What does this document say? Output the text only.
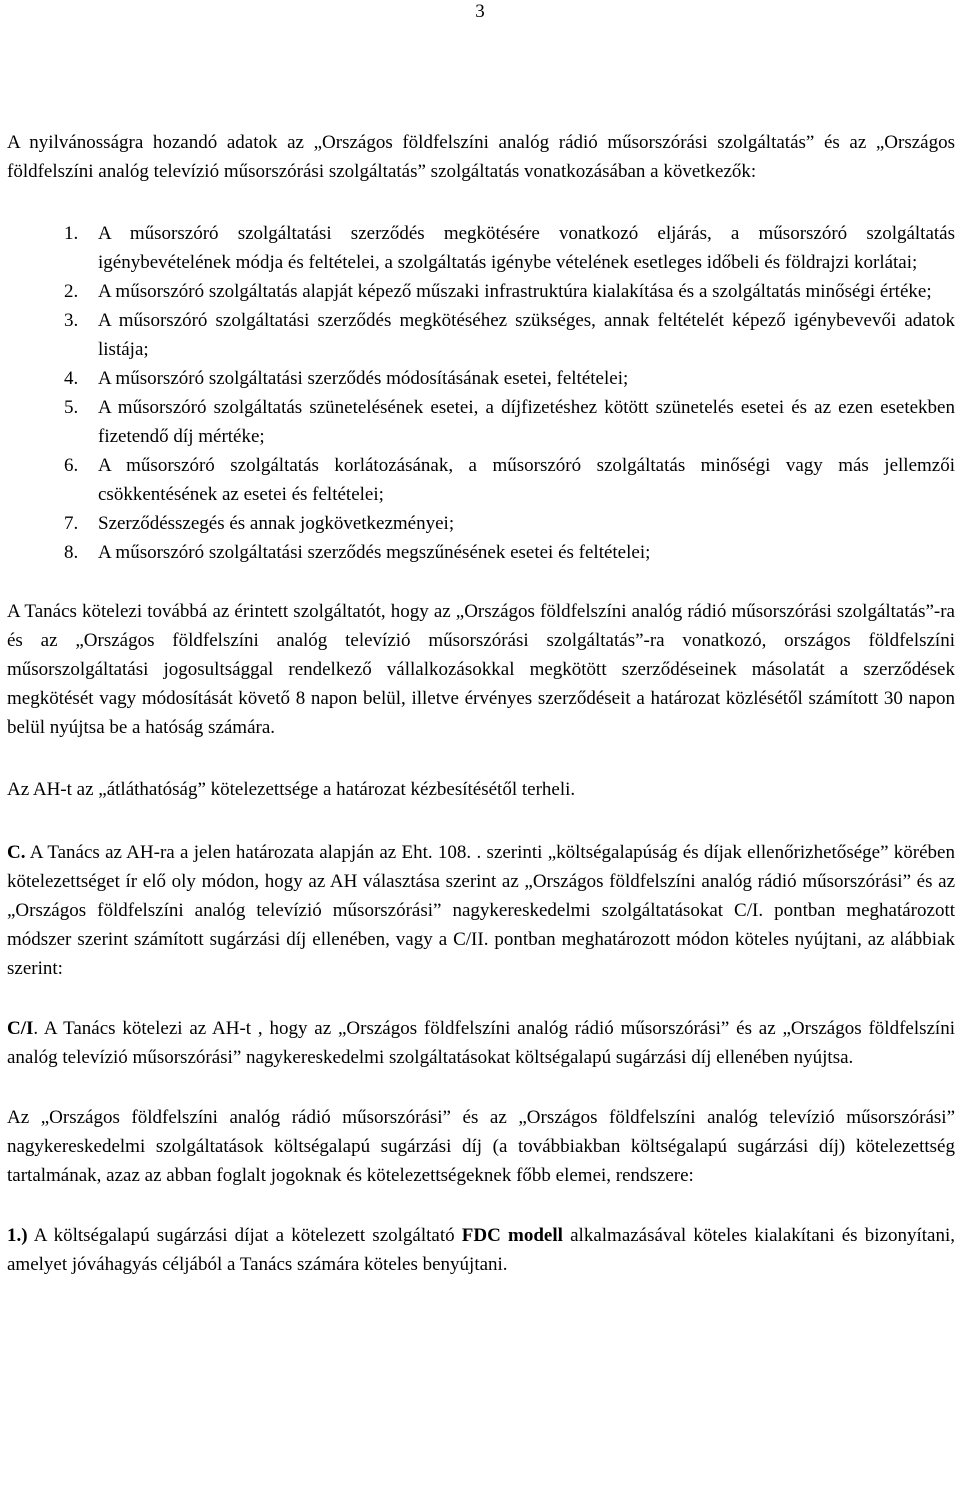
3

A nyilvánosságra hozandó adatok az „Országos földfelszíni analóg rádió műsorszórási szolgáltatás” és az „Országos földfelszíni analóg televízió műsorszórási szolgáltatás” szolgáltatás vonatkozásában a következők:

1. A műsorszóró szolgáltatási szerződés megkötésére vonatkozó eljárás, a műsorszóró szolgáltatás igénybevételének módja és feltételei, a szolgáltatás igénybe vételének esetleges időbeli és földrajzi korlátai;
2. A műsorszóró szolgáltatás alapját képező műszaki infrastruktúra kialakítása és a szolgáltatás minőségi értéke;
3. A műsorszóró szolgáltatási szerződés megkötéséhez szükséges, annak feltételét képező igénybevevői adatok listája;
4. A műsorszóró szolgáltatási szerződés módosításának esetei, feltételei;
5. A műsorszóró szolgáltatás szünetelésének esetei, a díjfizetéshez kötött szünetelés esetei és az ezen esetekben fizetendő díj mértéke;
6. A műsorszóró szolgáltatás korlátozásának, a műsorszóró szolgáltatás minőségi vagy más jellemzői csökkentésének az esetei és feltételei;
7. Szerződésszegés és annak jogkövetkezményei;
8. A műsorszóró szolgáltatási szerződés megszűnésének esetei és feltételei;

A Tanács kötelezi továbbá az érintett szolgáltatót, hogy az „Országos földfelszíni analóg rádió műsorszórási szolgáltatás”-ra és az „Országos földfelszíni analóg televízió műsorszórási szolgáltatás”-ra vonatkozó, országos földfelszíni műsorszolgáltatási jogosultsággal rendelkező vállalkozásokkal megkötött szerződéseinek másolatát a szerződések megkötését vagy módosítását követő 8 napon belül, illetve érvényes szerződéseit a határozat közlésétől számított 30 napon belül nyújtsa be a hatóság számára.

Az AH-t az „átláthatóság” kötelezettsége a határozat kézbesítésétől terheli.

C. A Tanács az AH-ra a jelen határozata alapján az Eht. 108. . szerinti „költségalapúság és díjak ellenőrizhetősége” körében kötelezettséget ír elő oly módon, hogy az AH választása szerint az „Országos földfelszíni analóg rádió műsorszórási” és az „Országos földfelszíni analóg televízió műsorszórási” nagykereskedelmi szolgáltatásokat C/I. pontban meghatározott módszer szerint számított sugárzási díj ellenében, vagy a C/II. pontban meghatározott módon köteles nyújtani, az alábbiak szerint:

C/I. A Tanács kötelezi az AH-t , hogy az „Országos földfelszíni analóg rádió műsorszórási” és az „Országos földfelszíni analóg televízió műsorszórási” nagykereskedelmi szolgáltatásokat költségalapú sugárzási díj ellenében nyújtsa.

Az „Országos földfelszíni analóg rádió műsorszórási” és az „Országos földfelszíni analóg televízió műsorszórási” nagykereskedelmi szolgáltatások költségalapú sugárzási díj (a továbbiakban költségalapú sugárzási díj) kötelezettség tartalmának, azaz az abban foglalt jogoknak és kötelezettségeknek főbb elemei, rendszere:

1.) A költségalapú sugárzási díjat a kötelezett szolgáltató FDC modell alkalmazásával köteles kialakítani és bizonyítani, amelyet jóváhagyás céljából a Tanács számára köteles benyújtani.
